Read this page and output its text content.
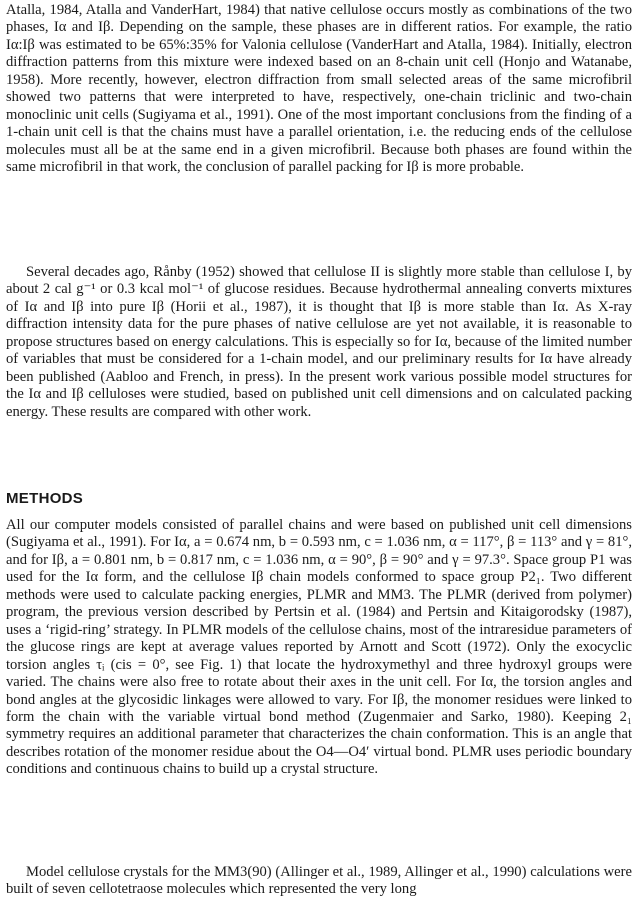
Atalla, 1984, Atalla and VanderHart, 1984) that native cellulose occurs mostly as combinations of the two phases, Iα and Iβ. Depending on the sample, these phases are in different ratios. For example, the ratio Iα:Iβ was estimated to be 65%:35% for Valonia cellulose (VanderHart and Atalla, 1984). Initially, electron diffraction patterns from this mixture were indexed based on an 8-chain unit cell (Honjo and Watanabe, 1958). More recently, however, electron diffraction from small selected areas of the same microfibril showed two patterns that were interpreted to have, respectively, one-chain triclinic and two-chain monoclinic unit cells (Sugiyama et al., 1991). One of the most important conclusions from the finding of a 1-chain unit cell is that the chains must have a parallel orientation, i.e. the reducing ends of the cellulose molecules must all be at the same end in a given microfibril. Because both phases are found within the same microfibril in that work, the conclusion of parallel packing for Iβ is more probable.

Several decades ago, Rånby (1952) showed that cellulose II is slightly more stable than cellulose I, by about 2 cal g⁻¹ or 0.3 kcal mol⁻¹ of glucose residues. Because hydrothermal annealing converts mixtures of Iα and Iβ into pure Iβ (Horii et al., 1987), it is thought that Iβ is more stable than Iα. As X-ray diffraction intensity data for the pure phases of native cellulose are yet not available, it is reasonable to propose structures based on energy calculations. This is especially so for Iα, because of the limited number of variables that must be considered for a 1-chain model, and our preliminary results for Iα have already been published (Aabloo and French, in press). In the present work various possible model structures for the Iα and Iβ celluloses were studied, based on published unit cell dimensions and on calculated packing energy. These results are compared with other work.

METHODS

All our computer models consisted of parallel chains and were based on published unit cell dimensions (Sugiyama et al., 1991). For Iα, a = 0.674 nm, b = 0.593 nm, c = 1.036 nm, α = 117°, β = 113° and γ = 81°, and for Iβ, a = 0.801 nm, b = 0.817 nm, c = 1.036 nm, α = 90°, β = 90° and γ = 97.3°. Space group P1 was used for the Iα form, and the cellulose Iβ chain models conformed to space group P2₁. Two different methods were used to calculate packing energies, PLMR and MM3. The PLMR (derived from polymer) program, the previous version described by Pertsin et al. (1984) and Pertsin and Kitaigorodsky (1987), uses a ‘rigid-ring’ strategy. In PLMR models of the cellulose chains, most of the intraresidue parameters of the glucose rings are kept at average values reported by Arnott and Scott (1972). Only the exocyclic torsion angles τᵢ (cis = 0°, see Fig. 1) that locate the hydroxymethyl and three hydroxyl groups were varied. The chains were also free to rotate about their axes in the unit cell. For Iα, the torsion angles and bond angles at the glycosidic linkages were allowed to vary. For Iβ, the monomer residues were linked to form the chain with the variable virtual bond method (Zugenmaier and Sarko, 1980). Keeping 2₁ symmetry requires an additional parameter that characterizes the chain conformation. This is an angle that describes rotation of the monomer residue about the O4—O4′ virtual bond. PLMR uses periodic boundary conditions and continuous chains to build up a crystal structure.

Model cellulose crystals for the MM3(90) (Allinger et al., 1989, Allinger et al., 1990) calculations were built of seven cellotetraose molecules which represented the very long
